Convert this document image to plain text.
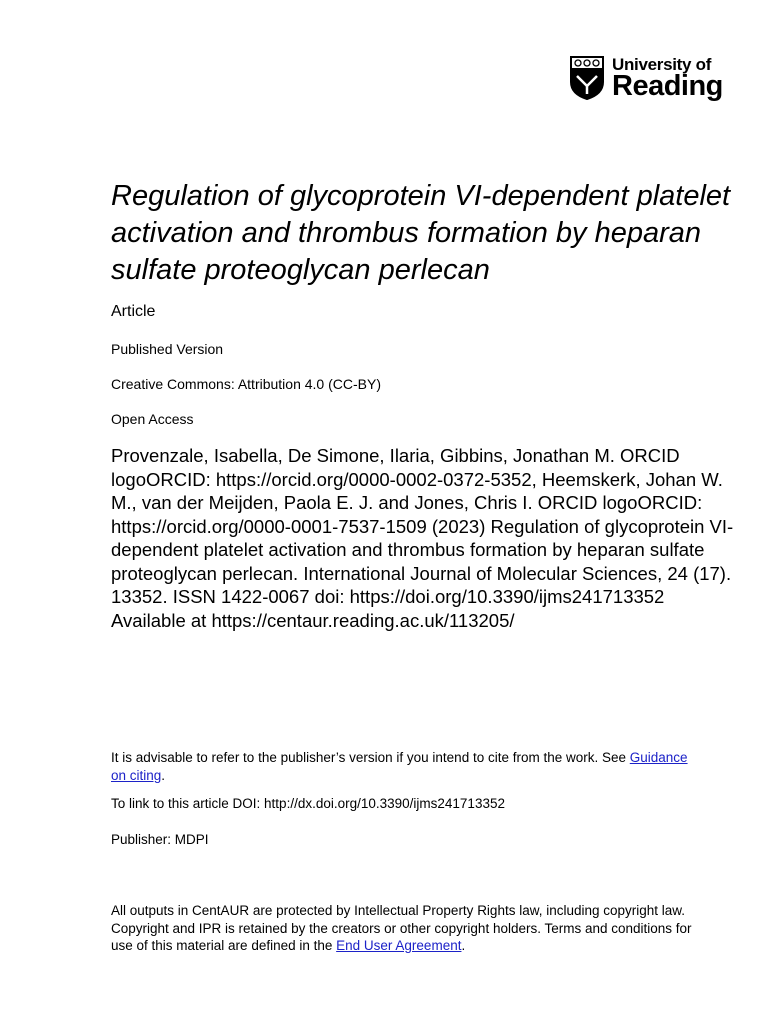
University of
Reading
Regulation of glycoprotein VI-dependent platelet activation and thrombus formation by heparan sulfate proteoglycan perlecan

Article

Published Version

Creative Commons: Attribution 4.0 (CC-BY)

Open Access

Provenzale, Isabella, De Simone, Ilaria, Gibbins, Jonathan M. ORCID logoORCID: https://orcid.org/0000-0002-0372-5352, Heemskerk, Johan W. M., van der Meijden, Paola E. J. and Jones, Chris I. ORCID logoORCID: https://orcid.org/0000-0001-7537-1509 (2023) Regulation of glycoprotein VI-dependent platelet activation and thrombus formation by heparan sulfate proteoglycan perlecan. International Journal of Molecular Sciences, 24 (17). 13352. ISSN 1422-0067 doi: https://doi.org/10.3390/ijms241713352 Available at https://centaur.reading.ac.uk/113205/

It is advisable to refer to the publisher’s version if you intend to cite from the work. See Guidance on citing.

To link to this article DOI: http://dx.doi.org/10.3390/ijms241713352

Publisher: MDPI

All outputs in CentAUR are protected by Intellectual Property Rights law, including copyright law. Copyright and IPR is retained by the creators or other copyright holders. Terms and conditions for use of this material are defined in the End User Agreement.
